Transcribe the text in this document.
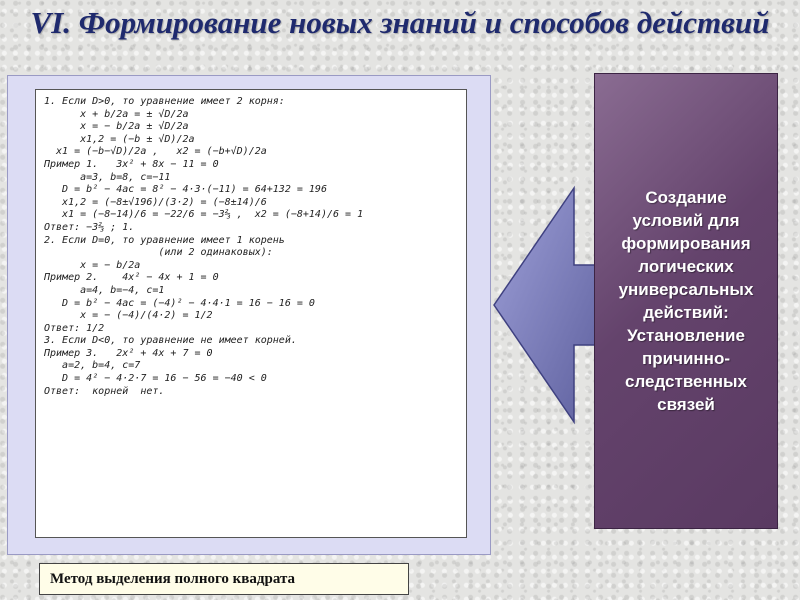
VI. Формирование новых знаний и способов действий
1. Если D>0, то уравнение имеет 2 корня:
x + b/2a = ± √D/2a
x = − b/2a ± √D/2a
x1,2 = (−b ± √D)/2a
x1 = (−b−√D)/2a ,   x2 = (−b+√D)/2a
Пример 1.   3x² + 8x − 11 = 0
a=3, b=8, c=−11
D = b² − 4ac = 8² − 4·3·(−11) = 64+132 = 196
x1,2 = (−8±√196)/(3·2) = (−8±14)/6
x1 = (−8−14)/6 = −22/6 = −3⅔ ,  x2 = (−8+14)/6 = 1
Ответ: −3⅔ ; 1.
2. Если D=0, то уравнение имеет 1 корень
(или 2 одинаковых):
x = − b/2a
Пример 2.    4x² − 4x + 1 = 0
a=4, b=−4, c=1
D = b² − 4ac = (−4)² − 4·4·1 = 16 − 16 = 0
x = − (−4)/(4·2) = 1/2
Ответ: 1/2
3. Если D<0, то уравнение не имеет корней.
Пример 3.   2x² + 4x + 7 = 0
a=2, b=4, c=7
D = 4² − 4·2·7 = 16 − 56 = −40 < 0
Ответ:  корней  нет.
Метод выделения полного квадрата
Создание
условий для
формирования
логических
универсальных
действий:
Установление
причинно-
следственных
связей
